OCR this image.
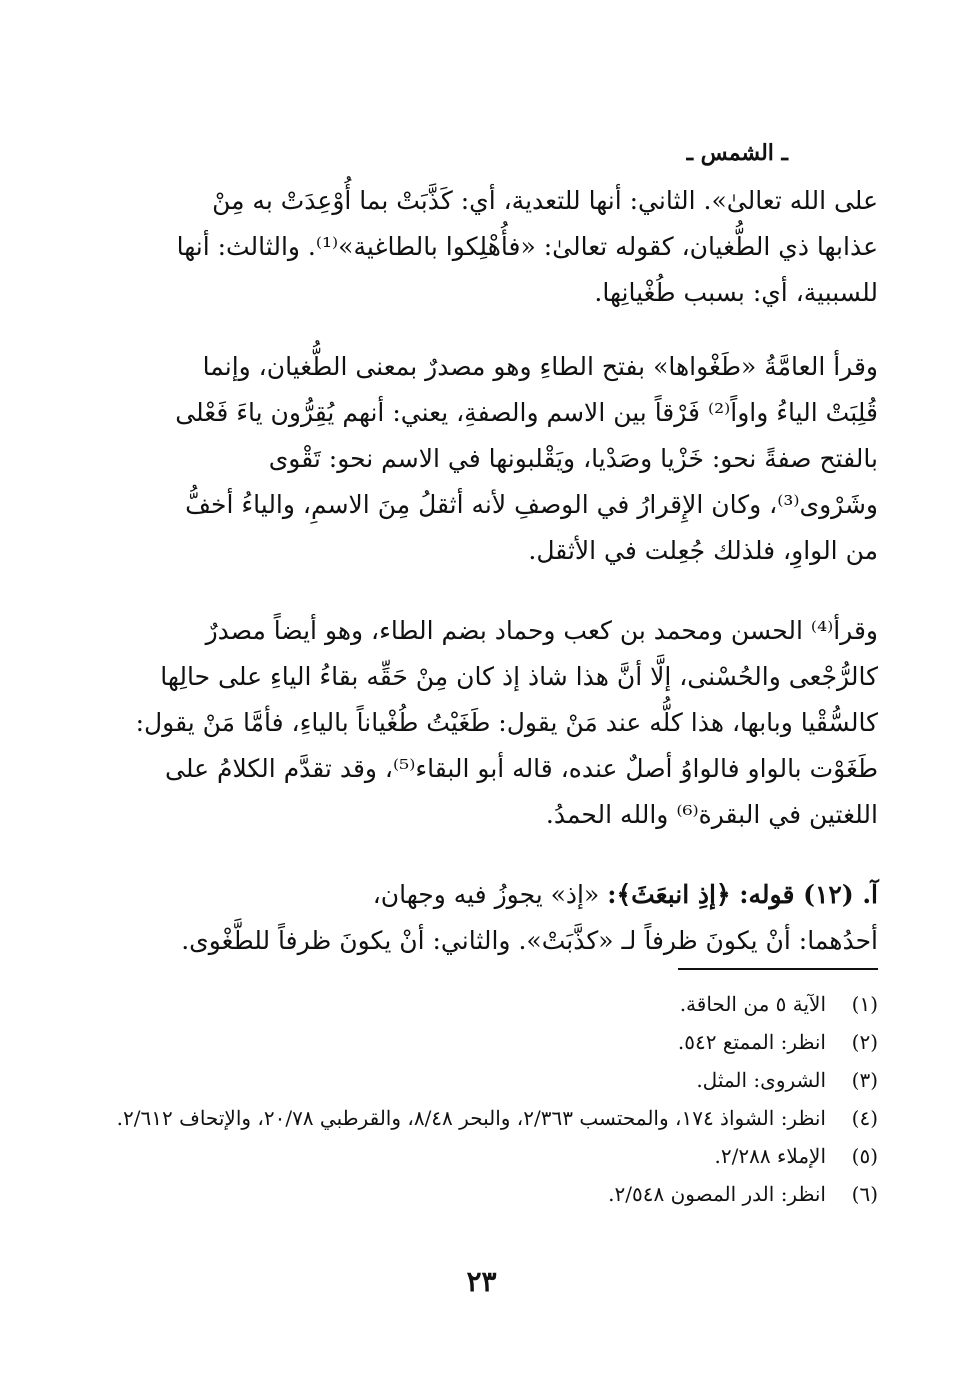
ـ الشمس ـ

على الله تعالىٰ». الثاني: أنها للتعدية، أي: كَذَّبَتْ بما أُوْعِدَتْ به مِنْ

عذابها ذي الطُّغيان، كقوله تعالىٰ: «فأُهْلِكوا بالطاغية»⁽¹⁾. والثالث: أنها

للسببية، أي: بسبب طُغْيانِها.

وقرأ العامَّةُ «طَغْواها» بفتح الطاءِ وهو مصدرٌ بمعنى الطُّغيان، وإنما

قُلِبَتْ الياءُ واواً⁽²⁾ فَرْقاً بين الاسم والصفةِ، يعني: أنهم يُقِرُّون ياءَ فَعْلى

بالفتح صفةً نحو: خَزْيا وصَدْيا، ويَقْلبونها في الاسم نحو: تَقْوى

وشَرْوى⁽³⁾، وكان الإِقرارُ في الوصفِ لأنه أثقلُ مِنَ الاسمِ، والياءُ أخفُّ

من الواوِ، فلذلك جُعِلت في الأثقل.

وقرأ⁽⁴⁾ الحسن ومحمد بن كعب وحماد بضم الطاء، وهو أيضاً مصدرٌ

كالرُّجْعى والحُسْنى، إلَّا أنَّ هذا شاذ إذ كان مِنْ حَقِّه بقاءُ الياءِ على حالِها

كالسُّقْيا وبابها، هذا كلُّه عند مَنْ يقول: طَغَيْتُ طُغْياناً بالياءِ، فأمَّا مَنْ يقول:

طَغَوْت بالواو فالواوُ أصلٌ عنده، قاله أبو البقاء⁽⁵⁾، وقد تقدَّم الكلامُ على

اللغتين في البقرة⁽⁶⁾ والله الحمدُ.

آ. (١٢) قوله: ﴿إذِ انبعَثَ﴾: «إذ» يجوزُ فيه وجهان،

أحدُهما: أنْ يكونَ ظرفاً لـ «كذَّبَتْ». والثاني: أنْ يكونَ ظرفاً للطَّغْوى.

(١)
الآية ٥ من الحاقة.
(٢)
انظر: الممتع ٥٤٢.
(٣)
الشروى: المثل.
(٤)
انظر: الشواذ ١٧٤، والمحتسب ٢/٣٦٣، والبحر ٨/٤٨، والقرطبي ٢٠/٧٨، والإتحاف ٢/٦١٢.
(٥)
الإملاء ٢/٢٨٨.
(٦)
انظر: الدر المصون ٢/٥٤٨.
٢٣
